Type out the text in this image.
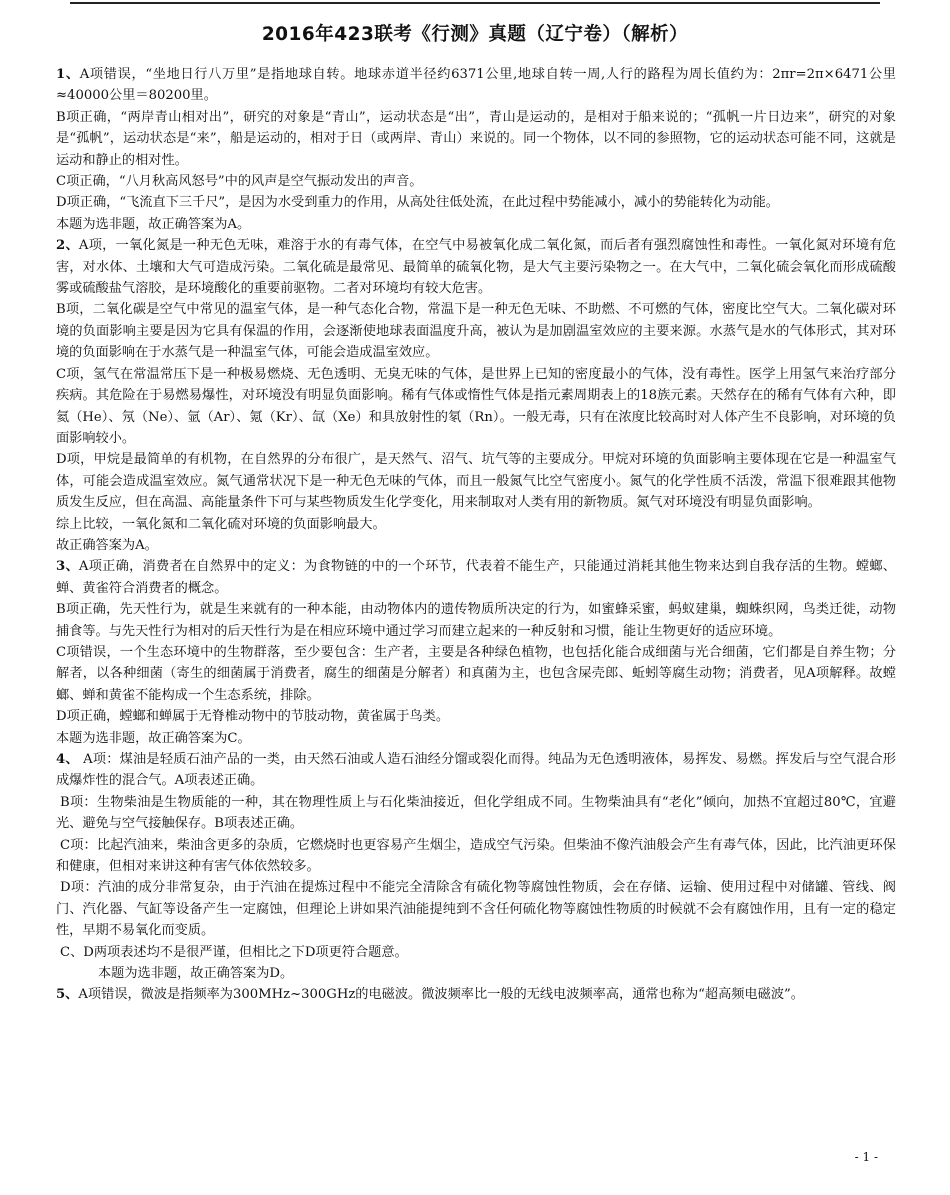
2016年423联考《行测》真题（辽宁卷）（解析）
1、A项错误，“坐地日行八万里”是指地球自转。地球赤道半径约6371公里,地球自转一周,人行的路程为周长值约为：2πr=2π×6471公里≈40000公里＝80200里。
B项正确，“两岸青山相对出”，研究的对象是“青山”，运动状态是“出”，青山是运动的，是相对于船来说的；“孤帆一片日边来”，研究的对象是“孤帆”，运动状态是“来”，船是运动的，相对于日（或两岸、青山）来说的。同一个物体，以不同的参照物，它的运动状态可能不同，这就是运动和静止的相对性。
C项正确，“八月秋高风怒号”中的风声是空气振动发出的声音。
D项正确，“飞流直下三千尺”，是因为水受到重力的作用，从高处往低处流，在此过程中势能减小，减小的势能转化为动能。
本题为选非题，故正确答案为A。
2、A项，一氧化氮是一种无色无味，难溶于水的有毒气体，在空气中易被氧化成二氧化氮，而后者有强烈腐蚀性和毒性。一氧化氮对环境有危害，对水体、土壤和大气可造成污染。二氧化硫是最常见、最简单的硫氧化物，是大气主要污染物之一。在大气中，二氧化硫会氧化而形成硫酸雾或硫酸盐气溶胶，是环境酸化的重要前驱物。二者对环境均有较大危害。
B项，二氧化碳是空气中常见的温室气体，是一种气态化合物，常温下是一种无色无味、不助燃、不可燃的气体，密度比空气大。二氧化碳对环境的负面影响主要是因为它具有保温的作用，会逐渐使地球表面温度升高，被认为是加剧温室效应的主要来源。水蒸气是水的气体形式，其对环境的负面影响在于水蒸气是一种温室气体，可能会造成温室效应。
C项，氢气在常温常压下是一种极易燃烧、无色透明、无臭无味的气体，是世界上已知的密度最小的气体，没有毒性。医学上用氢气来治疗部分疾病。其危险在于易燃易爆性，对环境没有明显负面影响。稀有气体或惰性气体是指元素周期表上的18族元素。天然存在的稀有气体有六种，即氦（He）、氖（Ne）、氩（Ar）、氪（Kr）、氙（Xe）和具放射性的氡（Rn）。一般无毒，只有在浓度比较高时对人体产生不良影响，对环境的负面影响较小。
D项，甲烷是最简单的有机物，在自然界的分布很广，是天然气、沼气、坑气等的主要成分。甲烷对环境的负面影响主要体现在它是一种温室气体，可能会造成温室效应。氮气通常状况下是一种无色无味的气体，而且一般氮气比空气密度小。氮气的化学性质不活泼，常温下很难跟其他物质发生反应，但在高温、高能量条件下可与某些物质发生化学变化，用来制取对人类有用的新物质。氮气对环境没有明显负面影响。
综上比较，一氧化氮和二氧化硫对环境的负面影响最大。
故正确答案为A。
3、A项正确，消费者在自然界中的定义：为食物链的中的一个环节，代表着不能生产，只能通过消耗其他生物来达到自我存活的生物。螳螂、蝉、黄雀符合消费者的概念。
B项正确，先天性行为，就是生来就有的一种本能，由动物体内的遗传物质所决定的行为，如蜜蜂采蜜，蚂蚁建巢，蜘蛛织网，鸟类迁徙，动物捕食等。与先天性行为相对的后天性行为是在相应环境中通过学习而建立起来的一种反射和习惯，能让生物更好的适应环境。
C项错误，一个生态环境中的生物群落，至少要包含：生产者，主要是各种绿色植物，也包括化能合成细菌与光合细菌，它们都是自养生物；分解者，以各种细菌（寄生的细菌属于消费者，腐生的细菌是分解者）和真菌为主，也包含屎壳郎、蚯蚓等腐生动物；消费者，见A项解释。故螳螂、蝉和黄雀不能构成一个生态系统，排除。
D项正确，螳螂和蝉属于无脊椎动物中的节肢动物，黄雀属于鸟类。
本题为选非题，故正确答案为C。
4、 A项：煤油是轻质石油产品的一类，由天然石油或人造石油经分馏或裂化而得。纯品为无色透明液体，易挥发、易燃。挥发后与空气混合形成爆炸性的混合气。A项表述正确。
B项：生物柴油是生物质能的一种，其在物理性质上与石化柴油接近，但化学组成不同。生物柴油具有“老化”倾向，加热不宜超过80℃，宜避光、避免与空气接触保存。B项表述正确。
C项：比起汽油来，柴油含更多的杂质，它燃烧时也更容易产生烟尘，造成空气污染。但柴油不像汽油般会产生有毒气体，因此，比汽油更环保和健康，但相对来讲这种有害气体依然较多。
D项：汽油的成分非常复杂，由于汽油在提炼过程中不能完全清除含有硫化物等腐蚀性物质，会在存储、运输、使用过程中对储罐、管线、阀门、汽化器、气缸等设备产生一定腐蚀，但理论上讲如果汽油能提纯到不含任何硫化物等腐蚀性物质的时候就不会有腐蚀作用，且有一定的稳定性，早期不易氧化而变质。
C、D两项表述均不是很严谨，但相比之下D项更符合题意。
本题为选非题，故正确答案为D。
5、A项错误，微波是指频率为300MHz~300GHz的电磁波。微波频率比一般的无线电波频率高，通常也称为“超高频电磁波”。
- 1 -
